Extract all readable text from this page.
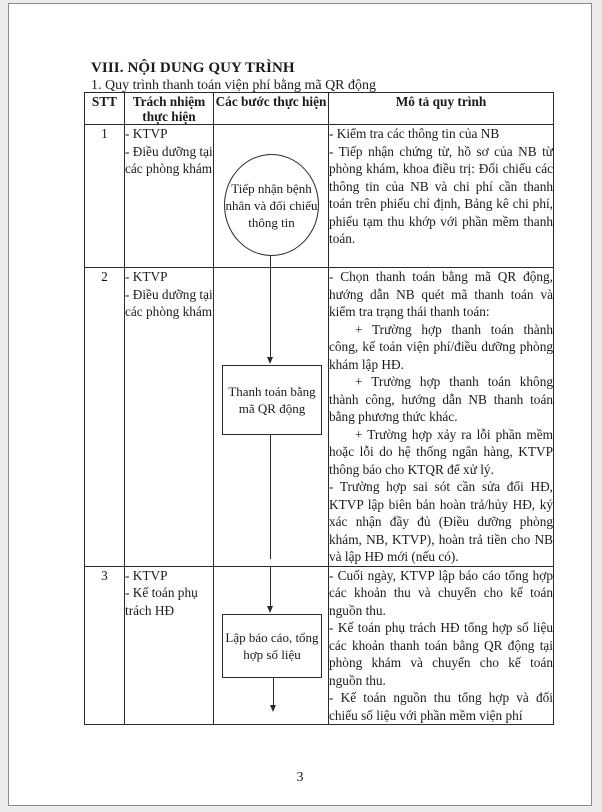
VIII. NỘI DUNG QUY TRÌNH
1. Quy trình thanh toán viện phí bằng mã QR động
STT	Trách nhiệm thực hiện	Các bước thực hiện	Mô tả quy trình
1	- KTVP
- Điều dưỡng tại các phòng khám	Tiếp nhận bệnh nhân và đối chiếu thông tin	- Kiểm tra các thông tin của NB
- Tiếp nhận chứng từ, hồ sơ của NB từ phòng khám, khoa điều trị: Đối chiếu các thông tin của NB và chi phí cần thanh toán trên phiếu chỉ định, Bảng kê chi phí, phiếu tạm thu khớp với phần mềm thanh toán.

2	- KTVP
- Điều dưỡng tại các phòng khám	Thanh toán bằng mã QR động	- Chọn thanh toán bằng mã QR động, hướng dẫn NB quét mã thanh toán và kiểm tra trạng thái thanh toán:
+ Trường hợp thanh toán thành công, kế toán viện phí/điều dưỡng phòng khám lập HĐ.
+ Trường hợp thanh toán không thành công, hướng dẫn NB thanh toán bằng phương thức khác.
+ Trường hợp xảy ra lỗi phần mềm hoặc lỗi do hệ thống ngân hàng, KTVP thông báo cho KTQR để xử lý.
- Trường hợp sai sót cần sửa đổi HĐ, KTVP lập biên bản hoàn trả/hủy HĐ, ký xác nhận đầy đủ (Điều dưỡng phòng khám, NB, KTVP), hoàn trả tiền cho NB và lập HĐ mới (nếu có).

3	- KTVP
- Kế toán phụ trách HĐ	Lập báo cáo, tổng hợp số liệu	- Cuối ngày, KTVP lập báo cáo tổng hợp các khoản thu và chuyển cho kế toán nguồn thu.
- Kế toán phụ trách HĐ tổng hợp số liệu các khoản thanh toán bằng QR động tại phòng khám và chuyển cho kế toán nguồn thu.
- Kế toán nguồn thu tổng hợp và đối chiếu số liệu với phần mềm viện phí
3
